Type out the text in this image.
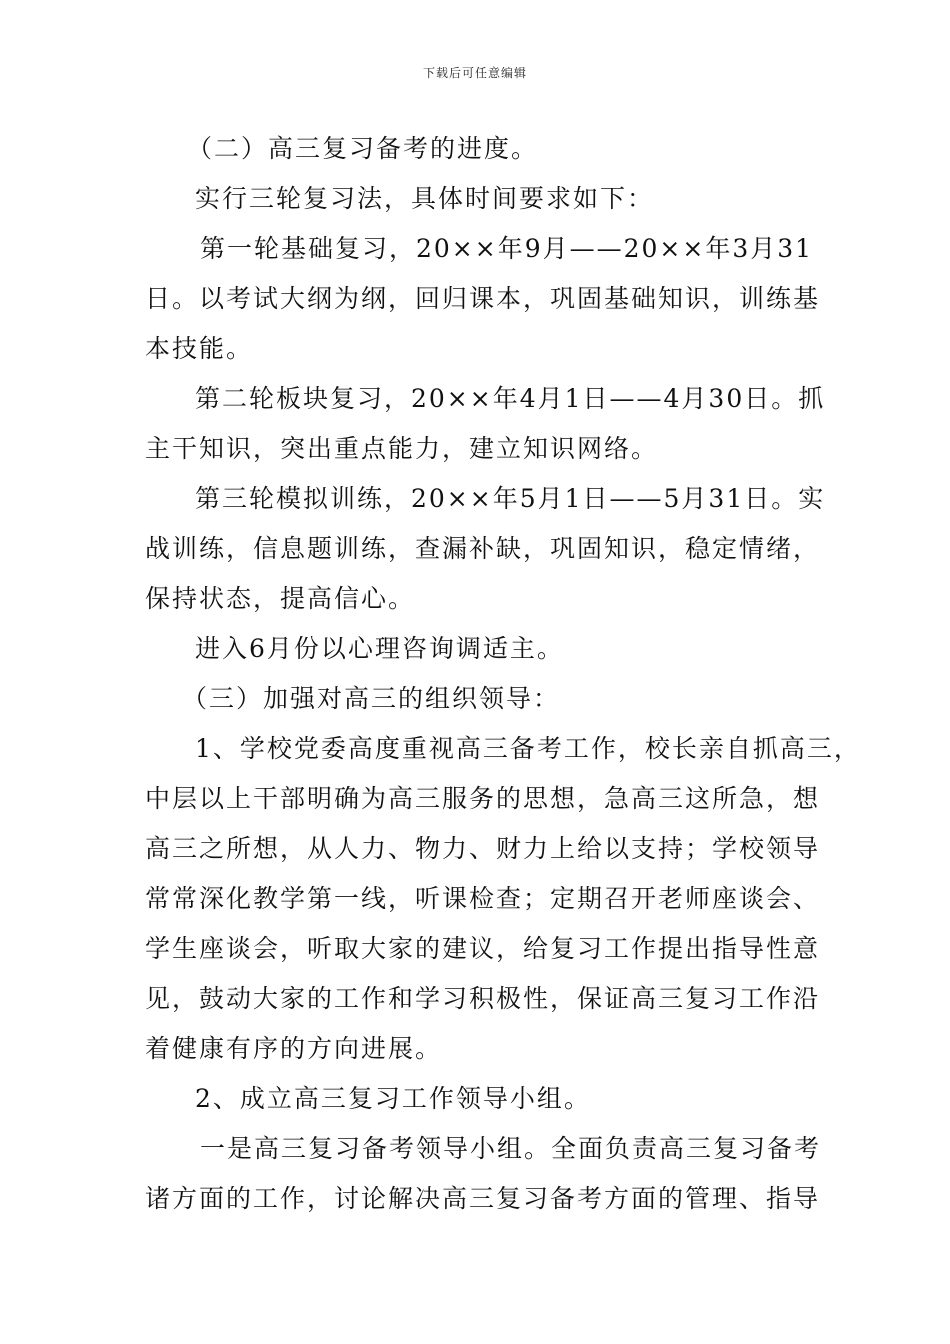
下载后可任意编辑
（二）高三复习备考的进度。
实行三轮复习法，具体时间要求如下：
第一轮基础复习，20××年9月——20××年3月31
日。以考试大纲为纲，回归课本，巩固基础知识，训练基
本技能。
第二轮板块复习，20××年4月1日——4月30日。抓
主干知识，突出重点能力，建立知识网络。
第三轮模拟训练，20××年5月1日——5月31日。实
战训练，信息题训练，查漏补缺，巩固知识，稳定情绪，
保持状态，提高信心。
进入6月份以心理咨询调适主。
（三）加强对高三的组织领导：
1、学校党委高度重视高三备考工作，校长亲自抓高三，
中层以上干部明确为高三服务的思想，急高三这所急，想
高三之所想，从人力、物力、财力上给以支持；学校领导
常常深化教学第一线，听课检查；定期召开老师座谈会、
学生座谈会，听取大家的建议，给复习工作提出指导性意
见，鼓动大家的工作和学习积极性，保证高三复习工作沿
着健康有序的方向进展。
2、成立高三复习工作领导小组。
一是高三复习备考领导小组。全面负责高三复习备考
诸方面的工作，讨论解决高三复习备考方面的管理、指导
